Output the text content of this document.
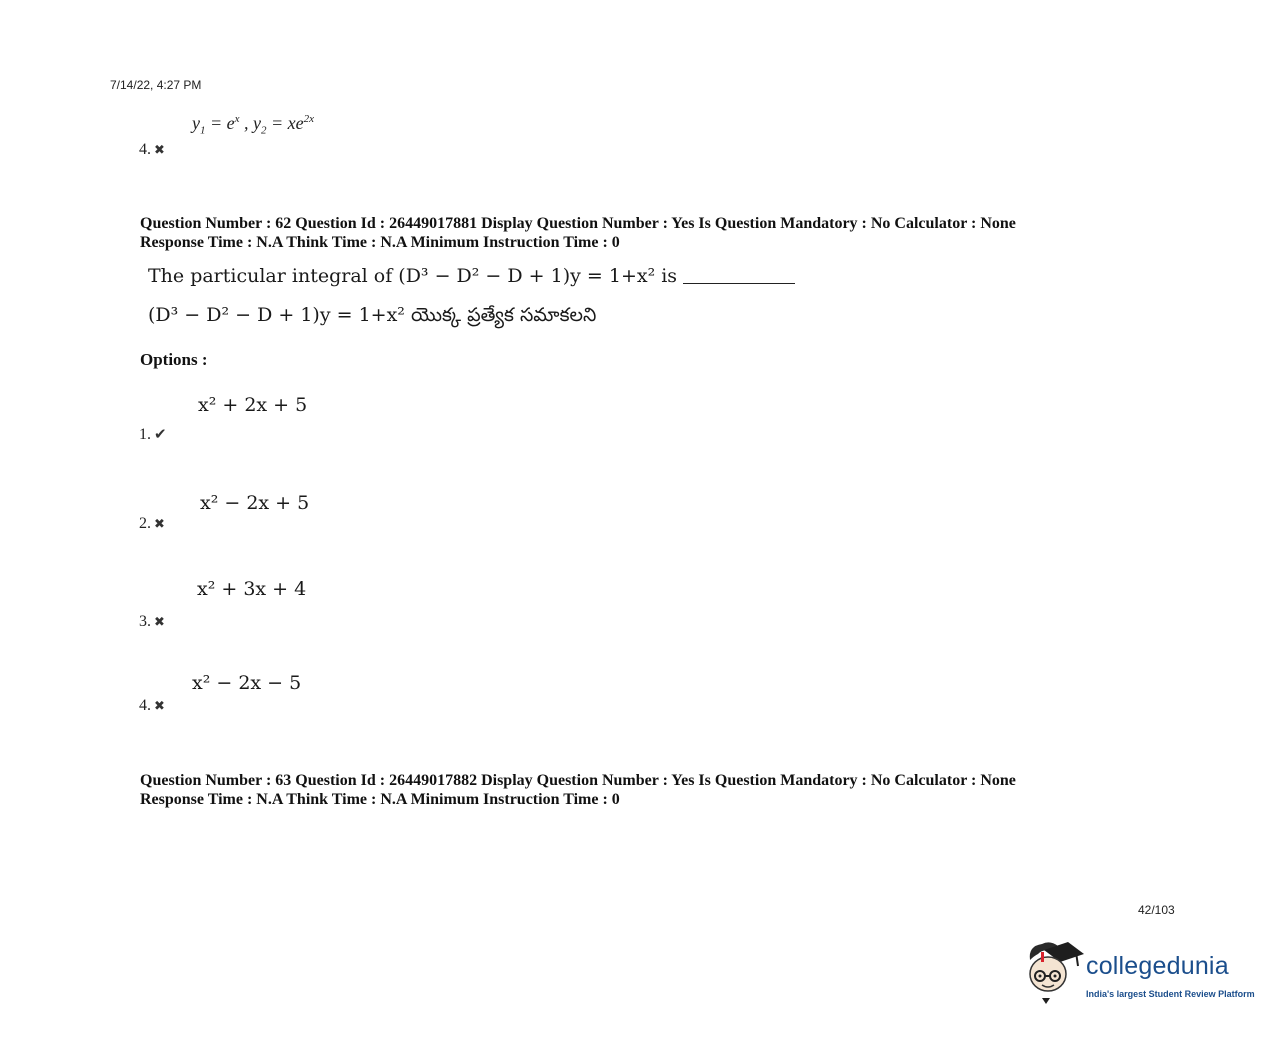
7/14/22, 4:27 PM
$y_1 = e^x$ , $y_2 = xe^{2x}$
4. ✖
Question Number : 62 Question Id : 26449017881 Display Question Number : Yes Is Question Mandatory : No Calculator : None
Response Time : N.A Think Time : N.A Minimum Instruction Time : 0
The particular integral of (D³ − D² − D + 1)y = 1+x² is
(D³ − D² − D + 1)y = 1+x² యొక్క ప్రత్యేక సమాకలని
Options :
x² + 2x + 5
1. ✔
x² − 2x + 5
2. ✖
x² + 3x + 4
3. ✖
x² − 2x − 5
4. ✖
Question Number : 63 Question Id : 26449017882 Display Question Number : Yes Is Question Mandatory : No Calculator : None
Response Time : N.A Think Time : N.A Minimum Instruction Time : 0
42/103
collegedunia
India's largest Student Review Platform
